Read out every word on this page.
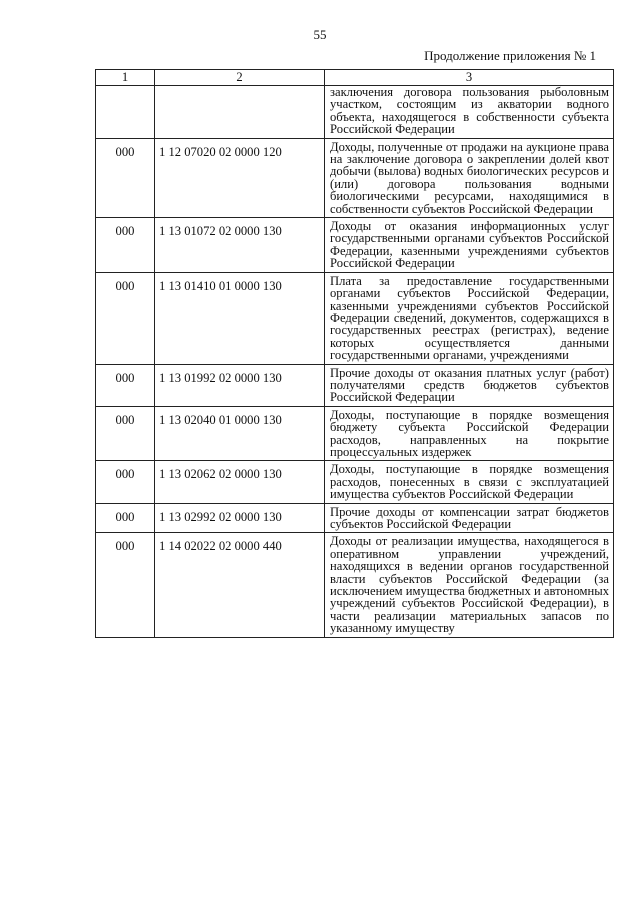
55
Продолжение приложения № 1
1	2	3
		заключения договора пользования рыболовным участком, состоящим из акватории водного объекта, находящегося в собственности субъекта Российской Федерации
000	1 12 07020 02 0000 120	Доходы, полученные от продажи на аукционе права на заключение договора о закреплении долей квот добычи (вылова) водных биологических ресурсов и (или) договора пользования водными биологическими ресурсами, находящимися в собственности субъектов Российской Федерации
000	1 13 01072 02 0000 130	Доходы от оказания информационных услуг государственными органами субъектов Российской Федерации, казенными учреждениями субъектов Российской Федерации
000	1 13 01410 01 0000 130	Плата за предоставление государственными органами субъектов Российской Федерации, казенными учреждениями субъектов Российской Федерации сведений, документов, содержащихся в государственных реестрах (регистрах), ведение которых осуществляется данными государственными органами, учреждениями
000	1 13 01992 02 0000 130	Прочие доходы от оказания платных услуг (работ) получателями средств бюджетов субъектов Российской Федерации
000	1 13 02040 01 0000 130	Доходы, поступающие в порядке возмещения бюджету субъекта Российской Федерации расходов, направленных на покрытие процессуальных издержек
000	1 13 02062 02 0000 130	Доходы, поступающие в порядке возмещения расходов, понесенных в связи с эксплуатацией имущества субъектов Российской Федерации
000	1 13 02992 02 0000 130	Прочие доходы от компенсации затрат бюджетов субъектов Российской Федерации
000	1 14 02022 02 0000 440	Доходы от реализации имущества, находящегося в оперативном управлении учреждений, находящихся в ведении органов государственной власти субъектов Российской Федерации (за исключением имущества бюджетных и автономных учреждений субъектов Российской Федерации), в части реализации материальных запасов по указанному имуществу
